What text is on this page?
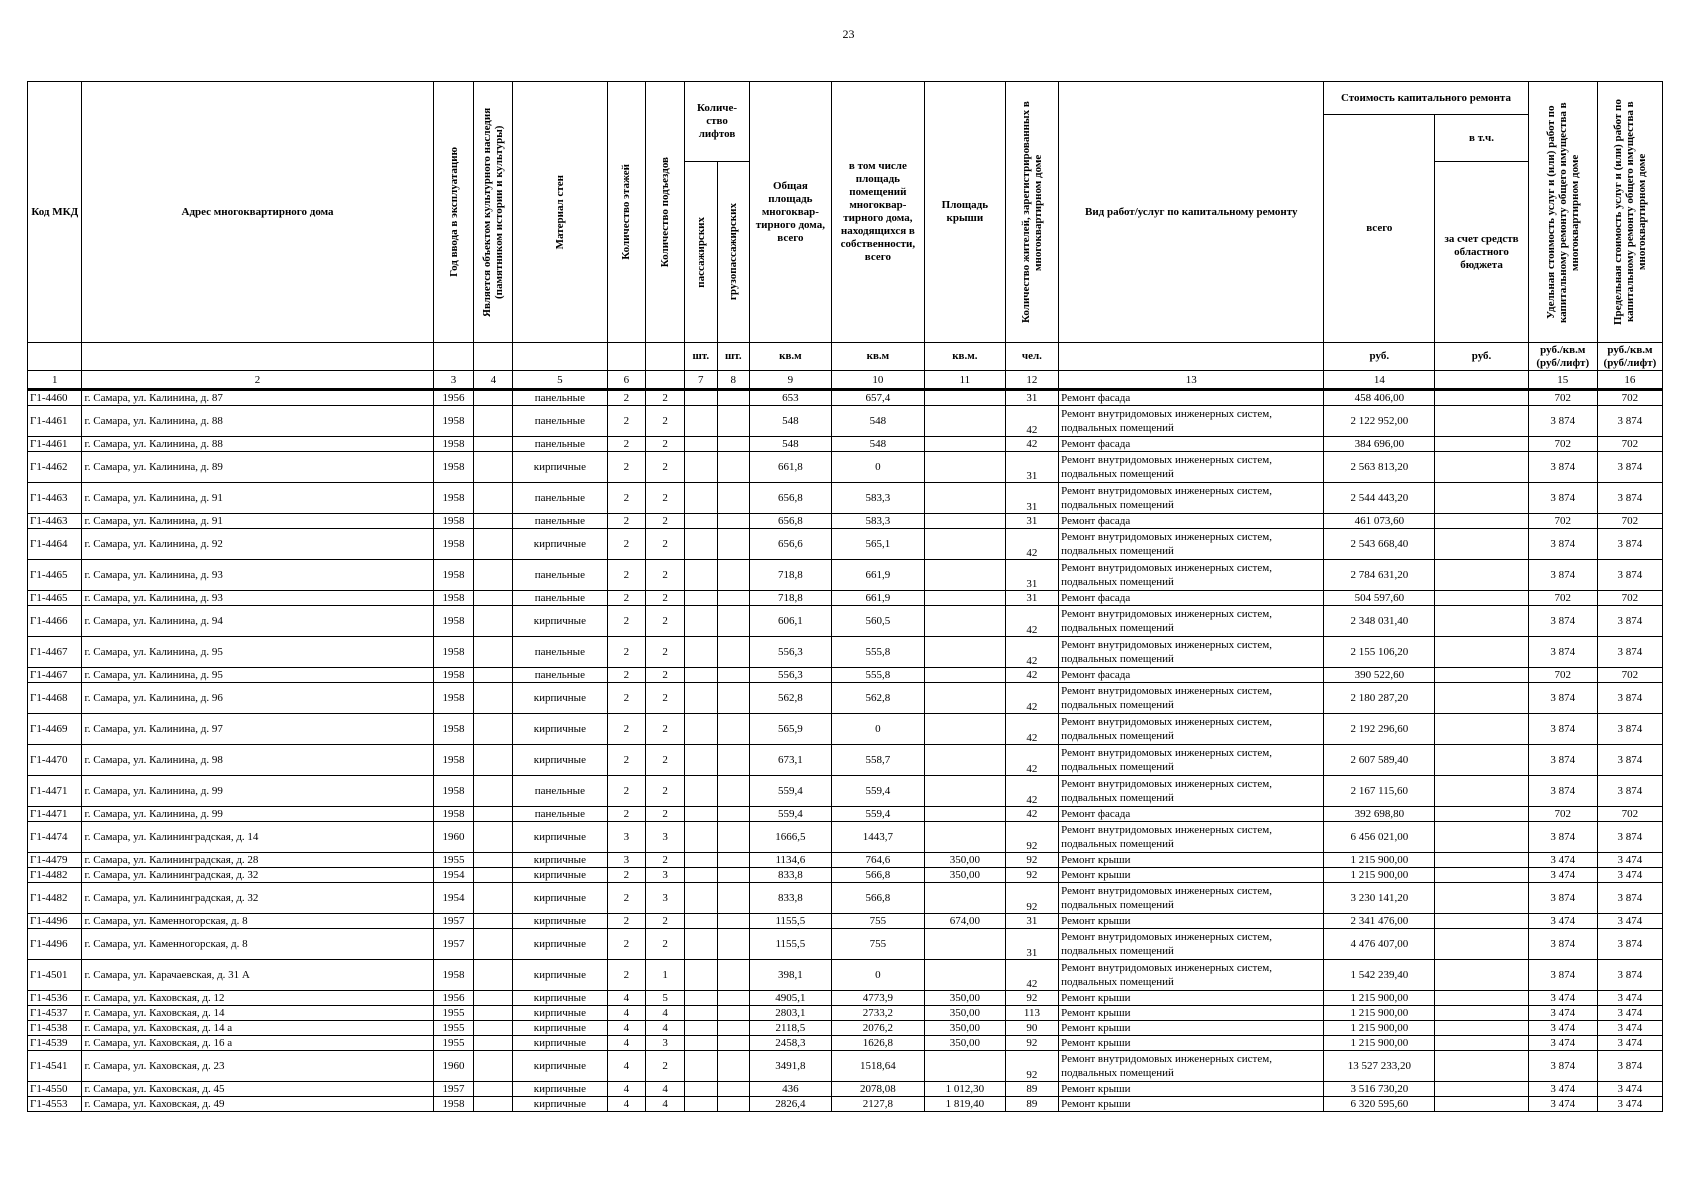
23
Код МКД	Адрес многоквартирного дома	Год ввода в эксплуатацию	Является объектом культурного наследия (памятником истории и культуры)	Материал стен	Количество этажей	Количество подъездов	Количе-ство лифтов		Общая площадь многоквар-тирного дома, всего	в том числе площадь помещений многоквар-тирного дома, находящихся в собственности, всего	Площадь крыши	Количество жителей, зарегистрированных в многоквартирном доме	Вид работ/услуг по капитальному ремонту	Стоимость капитального ремонта		Удельная стоимость услуг и (или) работ по капитальному ремонту общего имущества в многоквартирном доме	Предельная стоимость услуг и (или) работ по капитальному ремонту общего имущества в многоквартирном доме

														всего	в т.ч.		

							пассажирских	грузопассажирских							за счет средств областного бюджета		
							шт.	шт.	кв.м	кв.м	кв.м.	чел.		руб.	руб.	руб./кв.м (руб/лифт)	руб./кв.м (руб/лифт)
1	2	3	4	5	6		7	8	9	10	11	12	13	14		15	16
Г1-4460	г. Самара, ул. Калинина, д. 87	1956		панельные	2	2			653	657,4		31	Ремонт фасада	458 406,00		702	702
Г1-4461	г. Самара, ул. Калинина, д. 88	1958		панельные	2	2			548	548		42	Ремонт внутридомовых инженерных систем, подвальных помещений	2 122 952,00		3 874	3 874
Г1-4461	г. Самара, ул. Калинина, д. 88	1958		панельные	2	2			548	548		42	Ремонт фасада	384 696,00		702	702
Г1-4462	г. Самара, ул. Калинина, д. 89	1958		кирпичные	2	2			661,8	0		31	Ремонт внутридомовых инженерных систем, подвальных помещений	2 563 813,20		3 874	3 874
Г1-4463	г. Самара, ул. Калинина, д. 91	1958		панельные	2	2			656,8	583,3		31	Ремонт внутридомовых инженерных систем, подвальных помещений	2 544 443,20		3 874	3 874
Г1-4463	г. Самара, ул. Калинина, д. 91	1958		панельные	2	2			656,8	583,3		31	Ремонт фасада	461 073,60		702	702
Г1-4464	г. Самара, ул. Калинина, д. 92	1958		кирпичные	2	2			656,6	565,1		42	Ремонт внутридомовых инженерных систем, подвальных помещений	2 543 668,40		3 874	3 874
Г1-4465	г. Самара, ул. Калинина, д. 93	1958		панельные	2	2			718,8	661,9		31	Ремонт внутридомовых инженерных систем, подвальных помещений	2 784 631,20		3 874	3 874
Г1-4465	г. Самара, ул. Калинина, д. 93	1958		панельные	2	2			718,8	661,9		31	Ремонт фасада	504 597,60		702	702
Г1-4466	г. Самара, ул. Калинина, д. 94	1958		кирпичные	2	2			606,1	560,5		42	Ремонт внутридомовых инженерных систем, подвальных помещений	2 348 031,40		3 874	3 874
Г1-4467	г. Самара, ул. Калинина, д. 95	1958		панельные	2	2			556,3	555,8		42	Ремонт внутридомовых инженерных систем, подвальных помещений	2 155 106,20		3 874	3 874
Г1-4467	г. Самара, ул. Калинина, д. 95	1958		панельные	2	2			556,3	555,8		42	Ремонт фасада	390 522,60		702	702
Г1-4468	г. Самара, ул. Калинина, д. 96	1958		кирпичные	2	2			562,8	562,8		42	Ремонт внутридомовых инженерных систем, подвальных помещений	2 180 287,20		3 874	3 874
Г1-4469	г. Самара, ул. Калинина, д. 97	1958		кирпичные	2	2			565,9	0		42	Ремонт внутридомовых инженерных систем, подвальных помещений	2 192 296,60		3 874	3 874
Г1-4470	г. Самара, ул. Калинина, д. 98	1958		кирпичные	2	2			673,1	558,7		42	Ремонт внутридомовых инженерных систем, подвальных помещений	2 607 589,40		3 874	3 874
Г1-4471	г. Самара, ул. Калинина, д. 99	1958		панельные	2	2			559,4	559,4		42	Ремонт внутридомовых инженерных систем, подвальных помещений	2 167 115,60		3 874	3 874
Г1-4471	г. Самара, ул. Калинина, д. 99	1958		панельные	2	2			559,4	559,4		42	Ремонт фасада	392 698,80		702	702
Г1-4474	г. Самара, ул. Калининградская, д. 14	1960		кирпичные	3	3			1666,5	1443,7		92	Ремонт внутридомовых инженерных систем, подвальных помещений	6 456 021,00		3 874	3 874
Г1-4479	г. Самара, ул. Калининградская, д. 28	1955		кирпичные	3	2			1134,6	764,6	350,00	92	Ремонт крыши	1 215 900,00		3 474	3 474
Г1-4482	г. Самара, ул. Калининградская, д. 32	1954		кирпичные	2	3			833,8	566,8	350,00	92	Ремонт крыши	1 215 900,00		3 474	3 474
Г1-4482	г. Самара, ул. Калининградская, д. 32	1954		кирпичные	2	3			833,8	566,8		92	Ремонт внутридомовых инженерных систем, подвальных помещений	3 230 141,20		3 874	3 874
Г1-4496	г. Самара, ул. Каменногорская, д. 8	1957		кирпичные	2	2			1155,5	755	674,00	31	Ремонт крыши	2 341 476,00		3 474	3 474
Г1-4496	г. Самара, ул. Каменногорская, д. 8	1957		кирпичные	2	2			1155,5	755		31	Ремонт внутридомовых инженерных систем, подвальных помещений	4 476 407,00		3 874	3 874
Г1-4501	г. Самара, ул. Карачаевская, д. 31 А	1958		кирпичные	2	1			398,1	0		42	Ремонт внутридомовых инженерных систем, подвальных помещений	1 542 239,40		3 874	3 874
Г1-4536	г. Самара, ул. Каховская, д. 12	1956		кирпичные	4	5			4905,1	4773,9	350,00	92	Ремонт крыши	1 215 900,00		3 474	3 474
Г1-4537	г. Самара, ул. Каховская, д. 14	1955		кирпичные	4	4			2803,1	2733,2	350,00	113	Ремонт крыши	1 215 900,00		3 474	3 474
Г1-4538	г. Самара, ул. Каховская, д. 14 а	1955		кирпичные	4	4			2118,5	2076,2	350,00	90	Ремонт крыши	1 215 900,00		3 474	3 474
Г1-4539	г. Самара, ул. Каховская, д. 16 а	1955		кирпичные	4	3			2458,3	1626,8	350,00	92	Ремонт крыши	1 215 900,00		3 474	3 474
Г1-4541	г. Самара, ул. Каховская, д. 23	1960		кирпичные	4	2			3491,8	1518,64		92	Ремонт внутридомовых инженерных систем, подвальных помещений	13 527 233,20		3 874	3 874
Г1-4550	г. Самара, ул. Каховская, д. 45	1957		кирпичные	4	4			436	2078,08	1 012,30	89	Ремонт крыши	3 516 730,20		3 474	3 474
Г1-4553	г. Самара, ул. Каховская, д. 49	1958		кирпичные	4	4			2826,4	2127,8	1 819,40	89	Ремонт крыши	6 320 595,60		3 474	3 474
